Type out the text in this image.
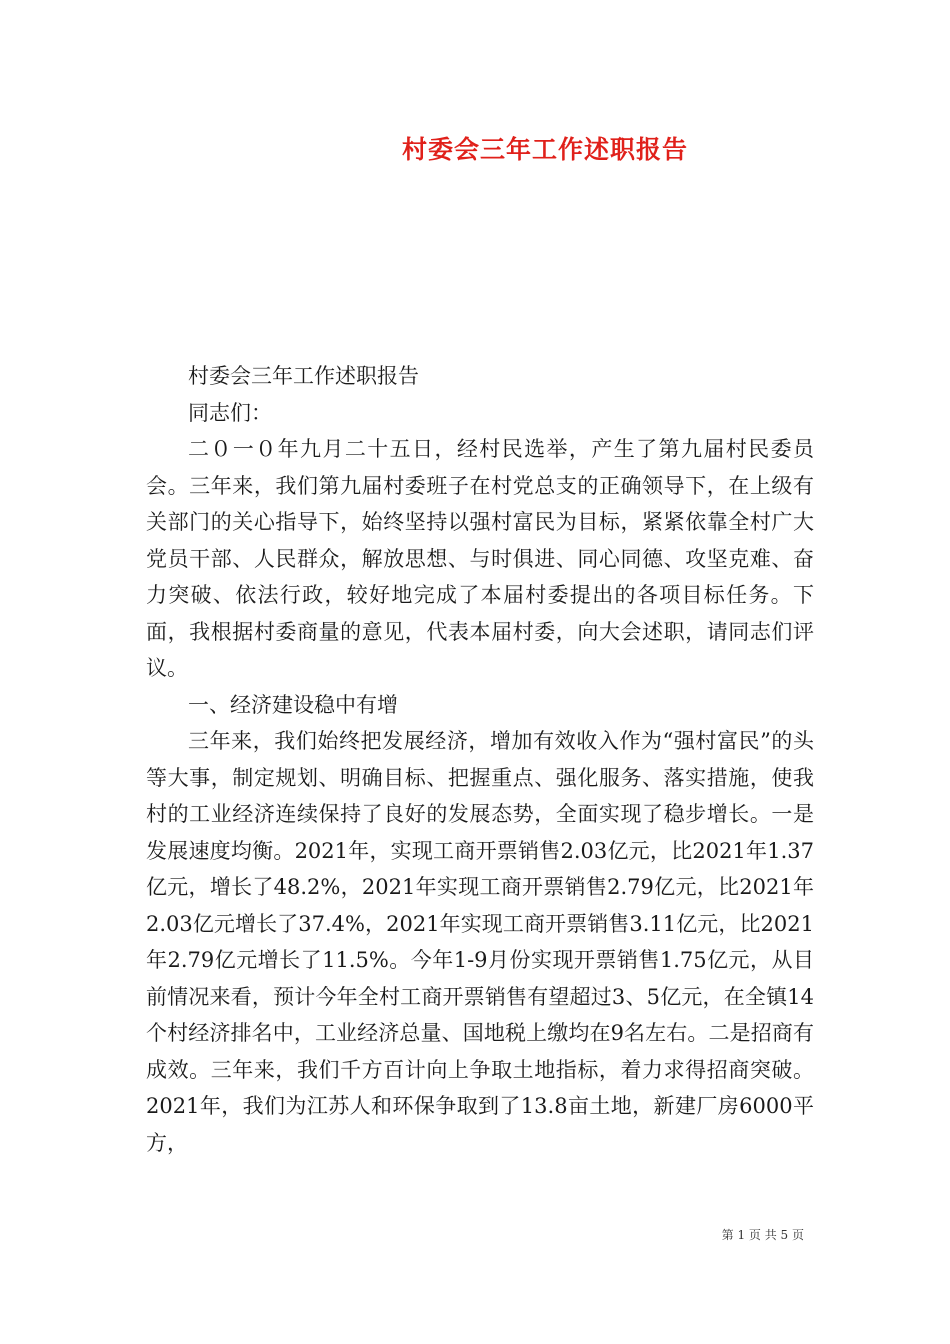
村委会三年工作述职报告

村委会三年工作述职报告

同志们：

二０一０年九月二十五日，经村民选举，产生了第九届村民委员会。三年来，我们第九届村委班子在村党总支的正确领导下，在上级有关部门的关心指导下，始终坚持以强村富民为目标，紧紧依靠全村广大党员干部、人民群众，解放思想、与时俱进、同心同德、攻坚克难、奋力突破、依法行政，较好地完成了本届村委提出的各项目标任务。下面，我根据村委商量的意见，代表本届村委，向大会述职，请同志们评议。

一、经济建设稳中有增

三年来，我们始终把发展经济，增加有效收入作为“强村富民”的头等大事，制定规划、明确目标、把握重点、强化服务、落实措施，使我村的工业经济连续保持了良好的发展态势，全面实现了稳步增长。一是发展速度均衡。2021年，实现工商开票销售2.03亿元，比2021年1.37亿元，增长了48.2%，2021年实现工商开票销售2.79亿元，比2021年2.03亿元增长了37.4%，2021年实现工商开票销售3.11亿元，比2021年2.79亿元增长了11.5%。今年1-9月份实现开票销售1.75亿元，从目前情况来看，预计今年全村工商开票销售有望超过3、5亿元，在全镇14个村经济排名中，工业经济总量、国地税上缴均在9名左右。二是招商有成效。三年来，我们千方百计向上争取土地指标，着力求得招商突破。2021年，我们为江苏人和环保争取到了13.8亩土地，新建厂房6000平方，

第 1 页 共 5 页
